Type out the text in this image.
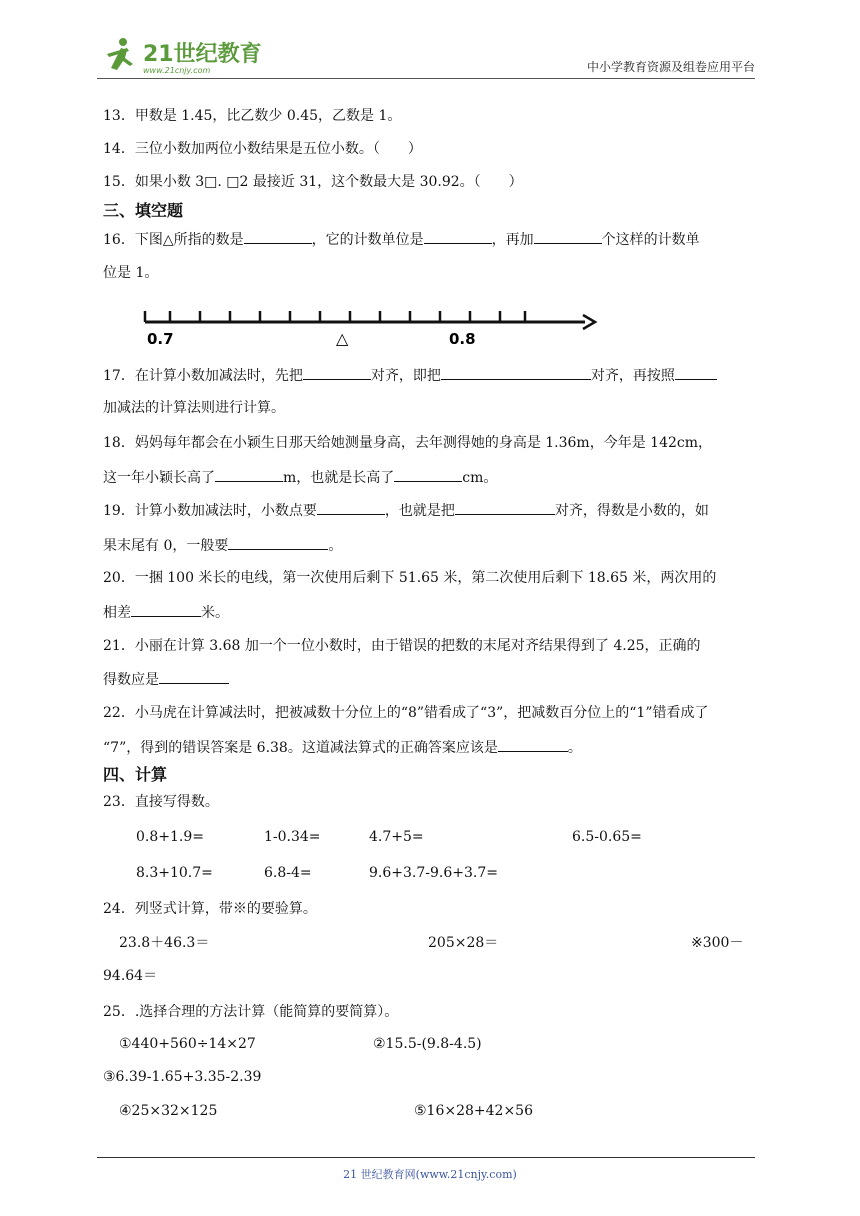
21世纪教育
www.21cnjy.com	中小学教育资源及组卷应用平台
13．甲数是 1.45，比乙数少 0.45，乙数是 1。
14．三位小数加两位小数结果是五位小数。（　　）
15．如果小数 3□. □2 最接近 31，这个数最大是 30.92。（　　）
三、填空题
16．下图△所指的数是	，它的计数单位是	，再加	个这样的计数单
位是 1。
0.7	△	0.8
17．在计算小数加减法时，先把	对齐，即把	对齐，再按照
加减法的计算法则进行计算。
18．妈妈每年都会在小颖生日那天给她测量身高，去年测得她的身高是 1.36m，今年是 142cm，
这一年小颖长高了	m，也就是长高了	cm。
19．计算小数加减法时，小数点要	，也就是把	对齐，得数是小数的，如
果末尾有 0，一般要	。
20．一捆 100 米长的电线，第一次使用后剩下 51.65 米，第二次使用后剩下 18.65 米，两次用的
相差	米。
21．小丽在计算 3.68 加一个一位小数时，由于错误的把数的末尾对齐结果得到了 4.25，正确的
得数应是
22．小马虎在计算减法时，把被减数十分位上的“8”错看成了“3”，把减数百分位上的“1”错看成了
“7”，得到的错误答案是 6.38。这道减法算式的正确答案应该是	。
四、计算
23．直接写得数。
0.8+1.9=	1-0.34=	4.7+5=	6.5-0.65=
8.3+10.7=	6.8-4=	9.6+3.7-9.6+3.7=
24．列竖式计算，带※的要验算。
23.8＋46.3＝	205×28＝	※300－
94.64＝
25．.选择合理的方法计算（能简算的要简算）。
①440+560÷14×27	②15.5-(9.8-4.5)
③6.39-1.65+3.35-2.39
④25×32×125	⑤16×28+42×56
21 世纪教育网(www.21cnjy.com)
